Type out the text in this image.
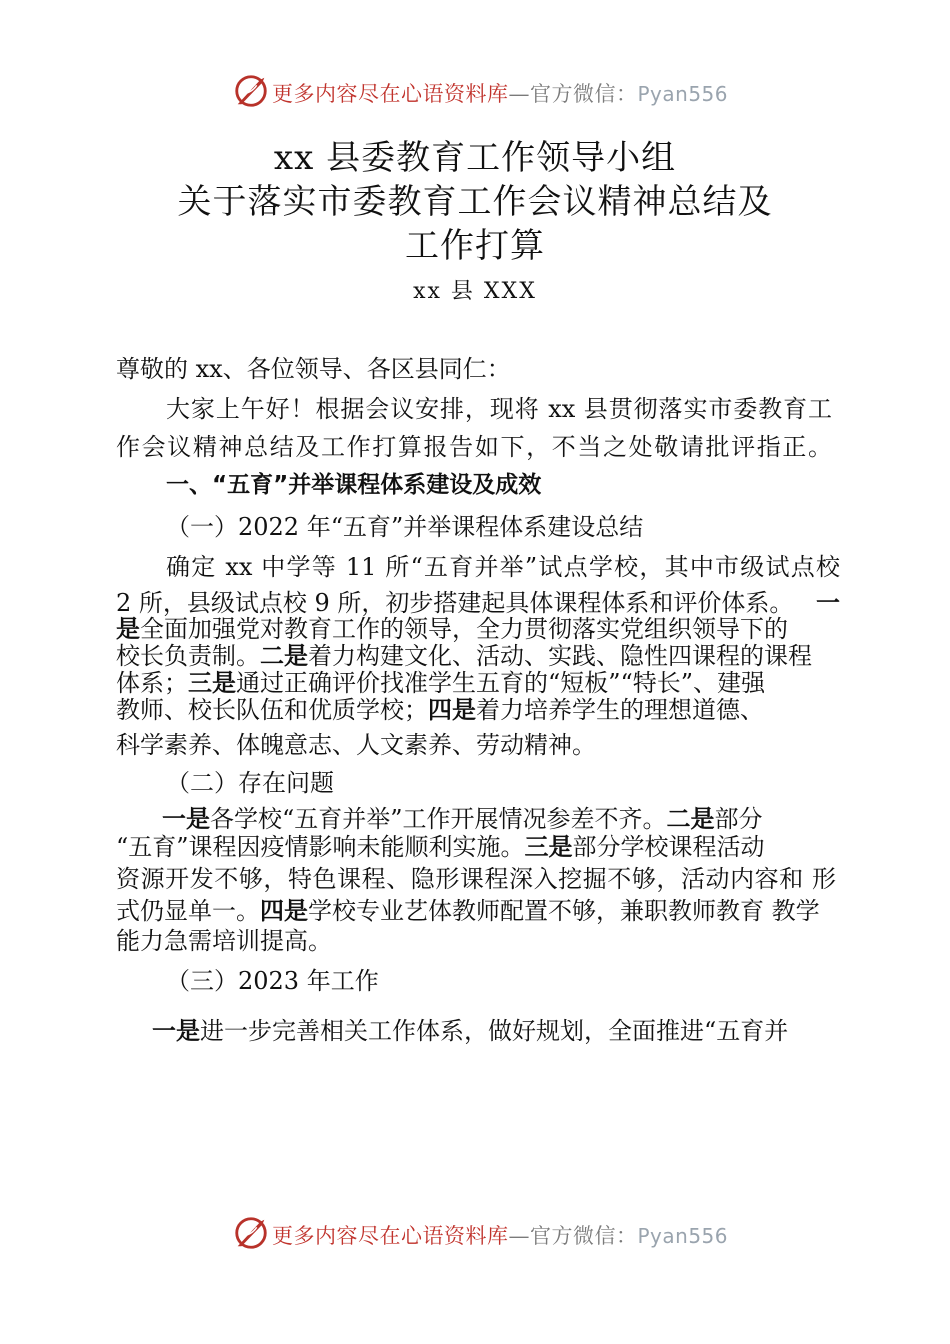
更多内容尽在心语资料库—官方微信：Pyan556
xx 县委教育工作领导小组
关于落实市委教育工作会议精神总结及
工作打算
xx 县 XXX
尊敬的 xx、各位领导、各区县同仁：
大家上午好！根据会议安排，现将 xx 县贯彻落实市委教育工
作会议精神总结及工作打算报告如下，不当之处敬请批评指正。
一、“五育”并举课程体系建设及成效
（一）2022 年“五育”并举课程体系建设总结
确定 xx 中学等 11 所“五育并举”试点学校，其中市级试点校
2 所，县级试点校 9 所，初步搭建起具体课程体系和评价体系。 一
是全面加强党对教育工作的领导，全力贯彻落实党组织领导下的
校长负责制。二是着力构建文化、活动、实践、隐性四课程的课程
体系；三是通过正确评价找准学生五育的“短板”“特长”、建强
教师、校长队伍和优质学校；四是着力培养学生的理想道德、
科学素养、体魄意志、人文素养、劳动精神。
（二）存在问题
一是各学校“五育并举”工作开展情况参差不齐。二是部分
“五育”课程因疫情影响未能顺利实施。三是部分学校课程活动
资源开发不够，特色课程、隐形课程深入挖掘不够，活动内容和 形
式仍显单一。四是学校专业艺体教师配置不够，兼职教师教育 教学
能力急需培训提高。
（三）2023 年工作
一是进一步完善相关工作体系，做好规划，全面推进“五育并
更多内容尽在心语资料库—官方微信：Pyan556
